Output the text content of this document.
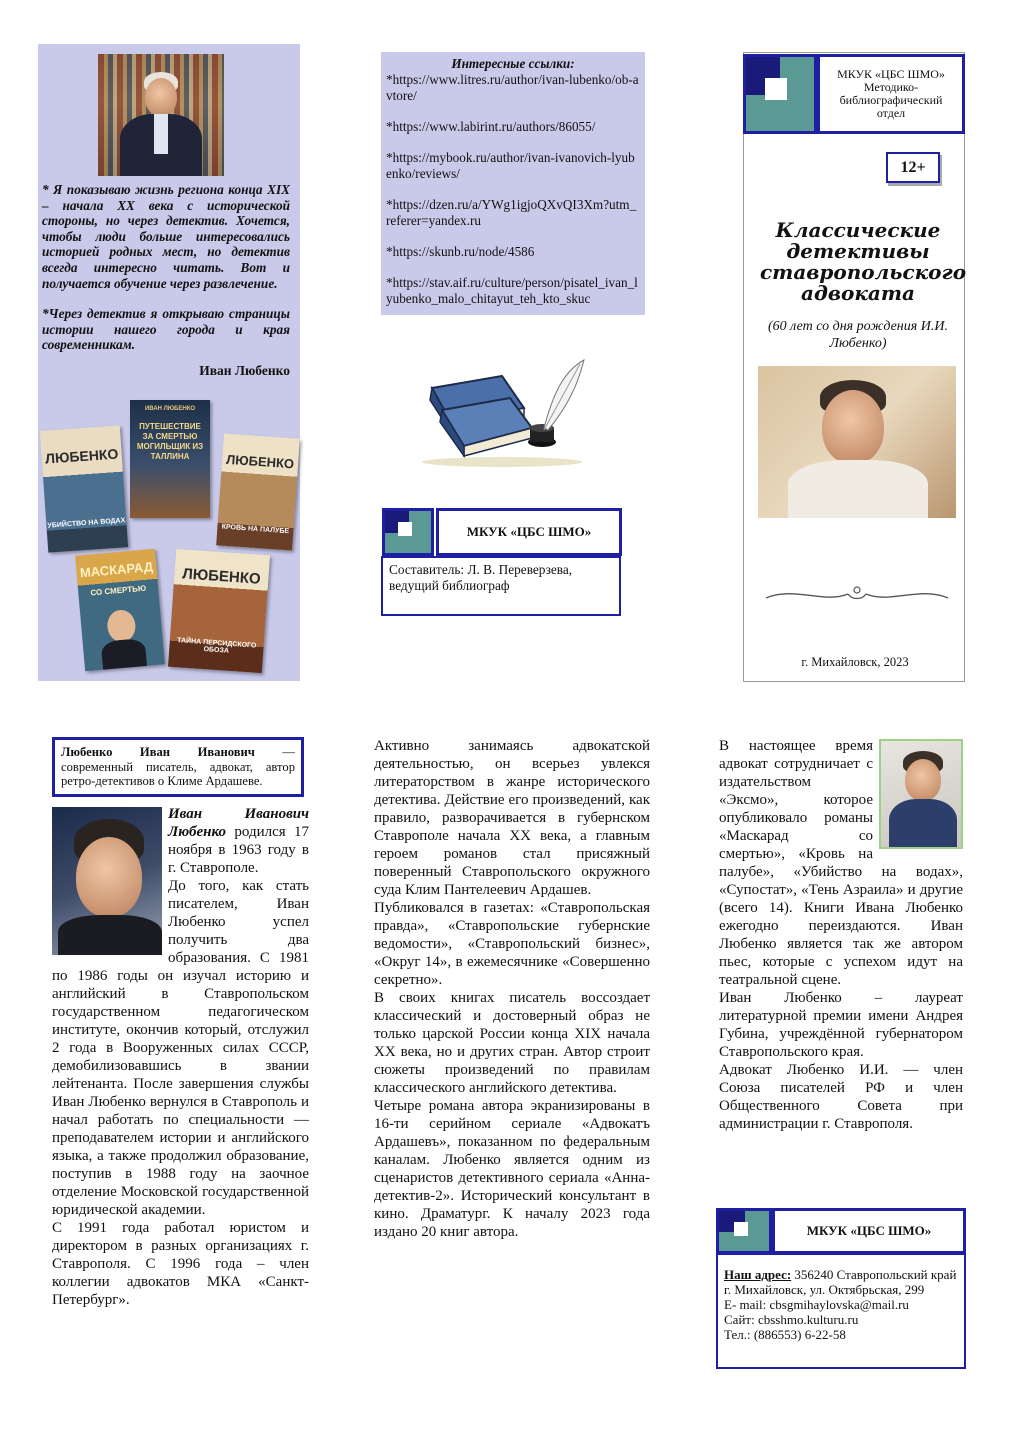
* Я показываю жизнь региона конца XIX – начала XX века с исторической стороны, но через детектив. Хочется, чтобы люди больше интересовались историей родных мест, но детектив всегда интересно читать. Вот и получается обучение через развлечение.

*Через детектив я открываю страницы истории нашего города и края современникам.

Иван Любенко
ЛЮБЕНКО
УБИЙСТВО НА ВОДАХ
ИВАН ЛЮБЕНКО
ПУТЕШЕСТВИЕ ЗА СМЕРТЬЮ МОГИЛЬЩИК ИЗ ТАЛЛИНА	ЛЮБЕНКО
КРОВЬ НА ПАЛУБЕ
МАСКАРАД
СО СМЕРТЬЮ
ЛЮБЕНКО
ТАЙНА ПЕРСИДСКОГО ОБОЗА
Интересные ссылки:
*https://www.litres.ru/author/ivan-lubenko/ob-avtore/
*https://www.labirint.ru/authors/86055/
*https://mybook.ru/author/ivan-ivanovich-lyubenko/reviews/
*https://dzen.ru/a/YWg1igjoQXvQI3Xm?utm_referer=yandex.ru
*https://skunb.ru/node/4586
*https://stav.aif.ru/culture/person/pisatel_ivan_lyubenko_malo_chitayut_teh_kto_skuc
МКУК «ЦБС ШМО»
Составитель: Л. В. Переверзева, ведущий библиограф
МКУК «ЦБС ШМО»
Методико-библиографический отдел
12+
Классические детективы ставропольского адвоката
(60 лет со дня рождения И.И. Любенко)
г. Михайловск, 2023
Любенко Иван Иванович — современный писатель, адвокат, автор ретро-детективов о Климе Ардашеве.

Иван Иванович Любенко родился 17 ноября в 1963 году в г. Ставрополе.

До того, как стать писателем, Иван Любенко успел получить два образования. С 1981 по 1986 годы он изучал историю и английский в Ставропольском государственном педагогическом институте, окончив который, отслужил 2 года в Вооруженных силах СССР, демобилизовавшись в звании лейтенанта. После завершения службы Иван Любенко вернулся в Ставрополь и начал работать по специальности — преподавателем истории и английского языка, а также продолжил образование, поступив в 1988 году на заочное отделение Московской государственной юридической академии.

С 1991 года работал юристом и директором в разных организациях г. Ставрополя. С 1996 года – член коллегии адвокатов МКА «Санкт-Петербург».

Активно занимаясь адвокатской деятельностью, он всерьез увлекся литераторством в жанре исторического детектива. Действие его произведений, как правило, разворачивается в губернском Ставрополе начала XX века, а главным героем романов стал присяжный поверенный Ставропольского окружного суда Клим Пантелеевич Ардашев.

Публиковался в газетах: «Ставропольская правда», «Ставропольские губернские ведомости», «Ставропольский бизнес», «Округ 14», в ежемесячнике «Совершенно секретно».

В своих книгах писатель воссоздает классический и достоверный образ не только царской России конца XIX начала XX века, но и других стран. Автор строит сюжеты произведений по правилам классического английского детектива.

Четыре романа автора экранизированы в 16-ти серийном сериале «Адвокатъ Ардашевъ», показанном по федеральным каналам. Любенко является одним из сценаристов детективного сериала «Анна-детектив-2». Исторический консультант в кино. Драматург. К началу 2023 года издано 20 книг автора.

В настоящее время адвокат сотрудничает с издательством «Эксмо», которое опубликовало романы «Маскарад со смертью», «Кровь на палубе», «Убийство на водах», «Супостат», «Тень Азраила» и другие (всего 14). Книги Ивана Любенко ежегодно переиздаются. Иван Любенко является так же автором пьес, которые с успехом идут на театральной сцене.

Иван Любенко – лауреат литературной премии имени Андрея Губина, учреждённой губернатором Ставропольского края.

Адвокат Любенко И.И. — член Союза писателей РФ и член Общественного Совета при администрации г. Ставрополя.

МКУК «ЦБС ШМО»
Наш адрес: 356240 Ставропольский край г. Михайловск, ул. Октябрьская, 299
E- mail: cbsgmihaylovska@mail.ru
Сайт: cbsshmo.kulturu.ru
Тел.: (886553) 6-22-58
